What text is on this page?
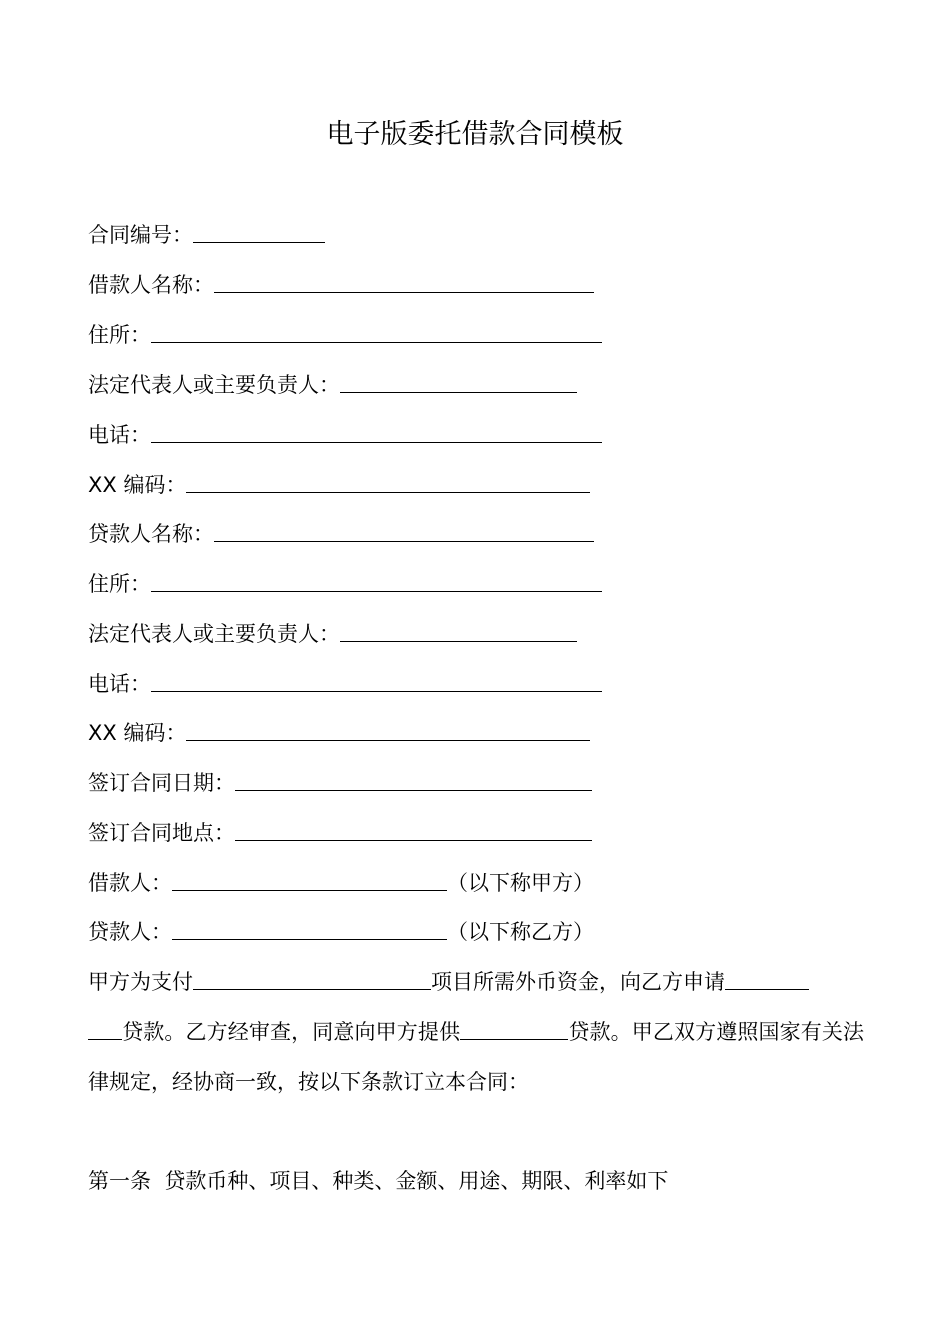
电子版委托借款合同模板
合同编号：
借款人名称：
住所：
法定代表人或主要负责人：
电话：
XX 编码：
贷款人名称：
住所：
法定代表人或主要负责人：
电话：
XX 编码：
签订合同日期：
签订合同地点：
借款人：	（以下称甲方）
贷款人：	（以下称乙方）
甲方为支付	项目所需外币资金，向乙方申请
贷款。乙方经审查，同意向甲方提供	贷款。甲乙双方遵照国家有关法律规定，经协商一致，按以下条款订立本合同：
第一条  贷款币种、项目、种类、金额、用途、期限、利率如下
